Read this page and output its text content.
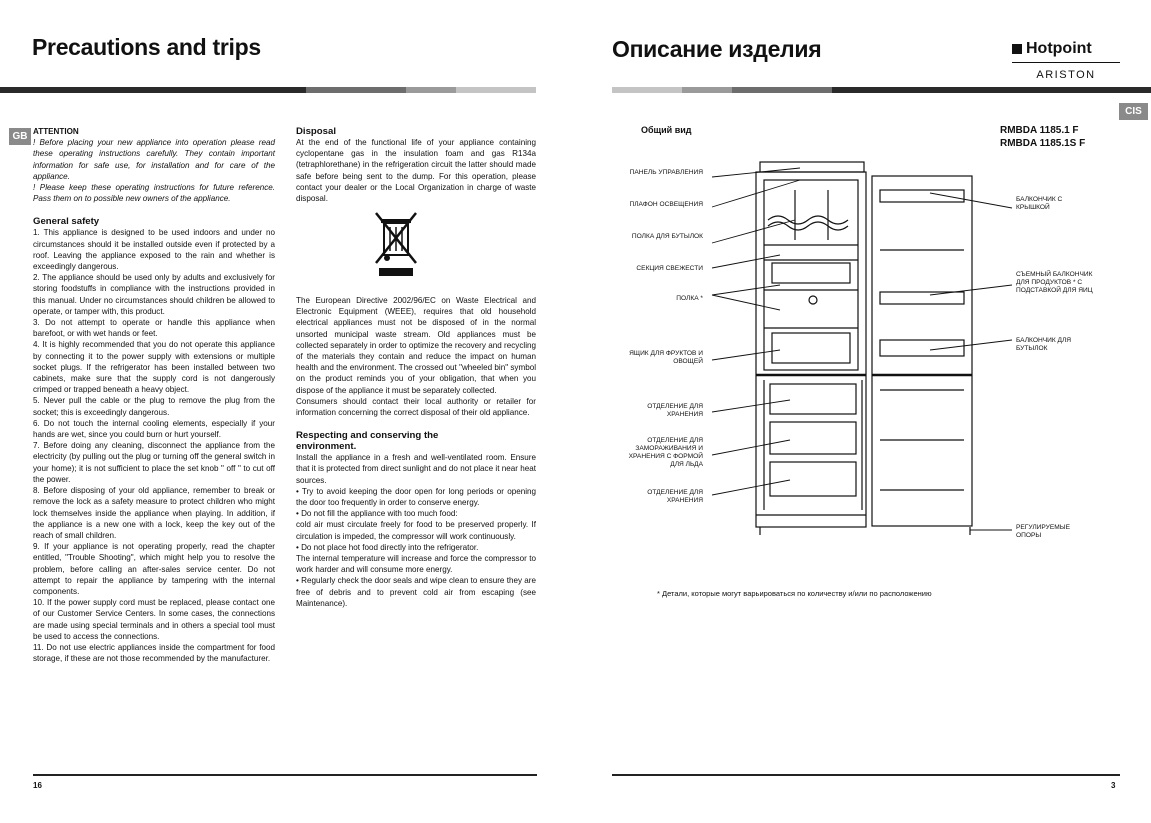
Precautions and trips
GB ATTENTION

! Before placing your new appliance into operation please read these operating instructions carefully. They contain important information for safe use, for installation and for care of the appliance.

! Please keep these operating instructions for future reference. Pass them on to possible new owners of the appliance.

General safety

1. This appliance is designed to be used indoors and under no circumstances should it be installed outside even if protected by a roof. Leaving the appliance exposed to the rain and whether is exceedingly dangerous.

2. The appliance should be used only by adults and exclusively for storing foodstuffs in compliance with the instructions provided in this manual. Under no circumstances should children be allowed to operate, or tamper with, this product.

3. Do not attempt to operate or handle this appliance when barefoot, or with wet hands or feet.

4. It is highly recommended that you do not operate this appliance by connecting it to the power supply with extensions or multiple socket plugs. If the refrigerator has been installed between two cabinets, make sure that the supply cord is not dangerously crimped or trapped beneath a heavy object.

5. Never pull the cable or the plug to remove the plug from the socket; this is exceedingly dangerous.

6. Do not touch the internal cooling elements, especially if your hands are wet, since you could burn or hurt yourself.

7. Before doing any cleaning, disconnect the appliance from the electricity (by pulling out the plug or turning off the general switch in your home); it is not sufficient to place the set knob " off " to cut off the power.

8. Before disposing of your old appliance, remember to break or remove the lock as a safety measure to protect children who might lock themselves inside the appliance when playing. In addition, if the appliance is a new one with a lock, keep the key out of the reach of small children.

9. If your appliance is not operating properly, read the chapter entitled, "Trouble Shooting", which might help you to resolve the problem, before calling an after-sales service center. Do not attempt to repair the appliance by tampering with the internal components.

10. If the power supply cord must be replaced, please contact one of our Customer Service Centers. In some cases, the connections are made using special terminals and in others a special tool must be used to access the connections.

11. Do not use electric appliances inside the compartment for food storage, if these are not those recommended by the manufacturer.

Disposal

At the end of the functional life of your appliance containing cyclopentane gas in the insulation foam and gas R134a (tetraphlorethane) in the refrigeration circuit the latter should made safe before being sent to the dump. For this operation, please contact your dealer or the Local Organization in charge of waste disposal.

The European Directive 2002/96/EC on Waste Electrical and Electronic Equipment (WEEE), requires that old household electrical appliances must not be disposed of in the normal unsorted municipal waste stream. Old appliances must be collected separately in order to optimize the recovery and recycling of the materials they contain and reduce the impact on human health and the environment. The crossed out "wheeled bin" symbol on the product reminds you of your obligation, that when you dispose of the appliance it must be separately collected.

Consumers should contact their local authority or retailer for information concerning the correct disposal of their old appliance.

Respecting and conserving the environment.

Install the appliance in a fresh and well-ventilated room. Ensure that it is protected from direct sunlight and do not place it near heat sources.

• Try to avoid keeping the door open for long periods or opening the door too frequently in order to conserve energy.

• Do not fill the appliance with too much food:

cold air must circulate freely for food to be preserved properly. If circulation is impeded, the compressor will work continuously.

• Do not place hot food directly into the refrigerator.

The internal temperature will increase and force the compressor to work harder and will consume more energy.

• Regularly check the door seals and wipe clean to ensure they are free of debris and to prevent cold air from escaping (see Maintenance).

16
Описание изделия	Hotpoint
ARISTON
CIS
Общий вид	RMBDA 1185.1 F
RMBDA 1185.1S F
ПАНЕЛЬ УПРАВЛЕНИЯ
ПЛАФОН ОСВЕЩЕНИЯ
ПОЛКА ДЛЯ БУТЫЛОК
СЕКЦИЯ СВЕЖЕСТИ
ПОЛКА *
ЯЩИК ДЛЯ ФРУКТОВ И ОВОЩЕЙ
ОТДЕЛЕНИЕ ДЛЯ ХРАНЕНИЯ
ОТДЕЛЕНИЕ ДЛЯ ЗАМОРАЖИВАНИЯ И ХРАНЕНИЯ С ФОРМОЙ ДЛЯ ЛЬДА
ОТДЕЛЕНИЕ ДЛЯ ХРАНЕНИЯ
БАЛКОНЧИК С КРЫШКОЙ
СЪЕМНЫЙ БАЛКОНЧИК ДЛЯ ПРОДУКТОВ * С ПОДСТАВКОЙ ДЛЯ ЯИЦ
БАЛКОНЧИК ДЛЯ БУТЫЛОК
РЕГУЛИРУЕМЫЕ ОПОРЫ
* Детали, которые могут варьироваться по количеству и/или по расположению
3
